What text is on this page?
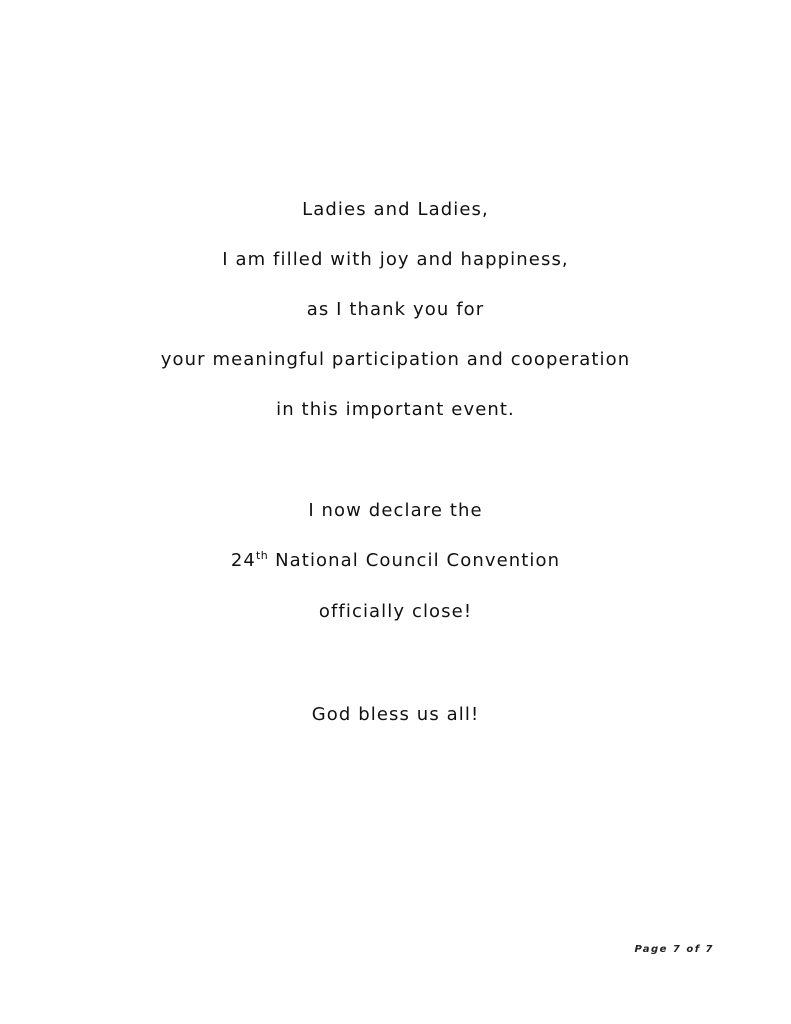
Ladies and Ladies,
I am filled with joy and happiness,
as I thank you for
your meaningful participation and cooperation
in this important event.
I now declare the
24th National Council Convention
officially close!
God bless us all!
Page 7 of 7
